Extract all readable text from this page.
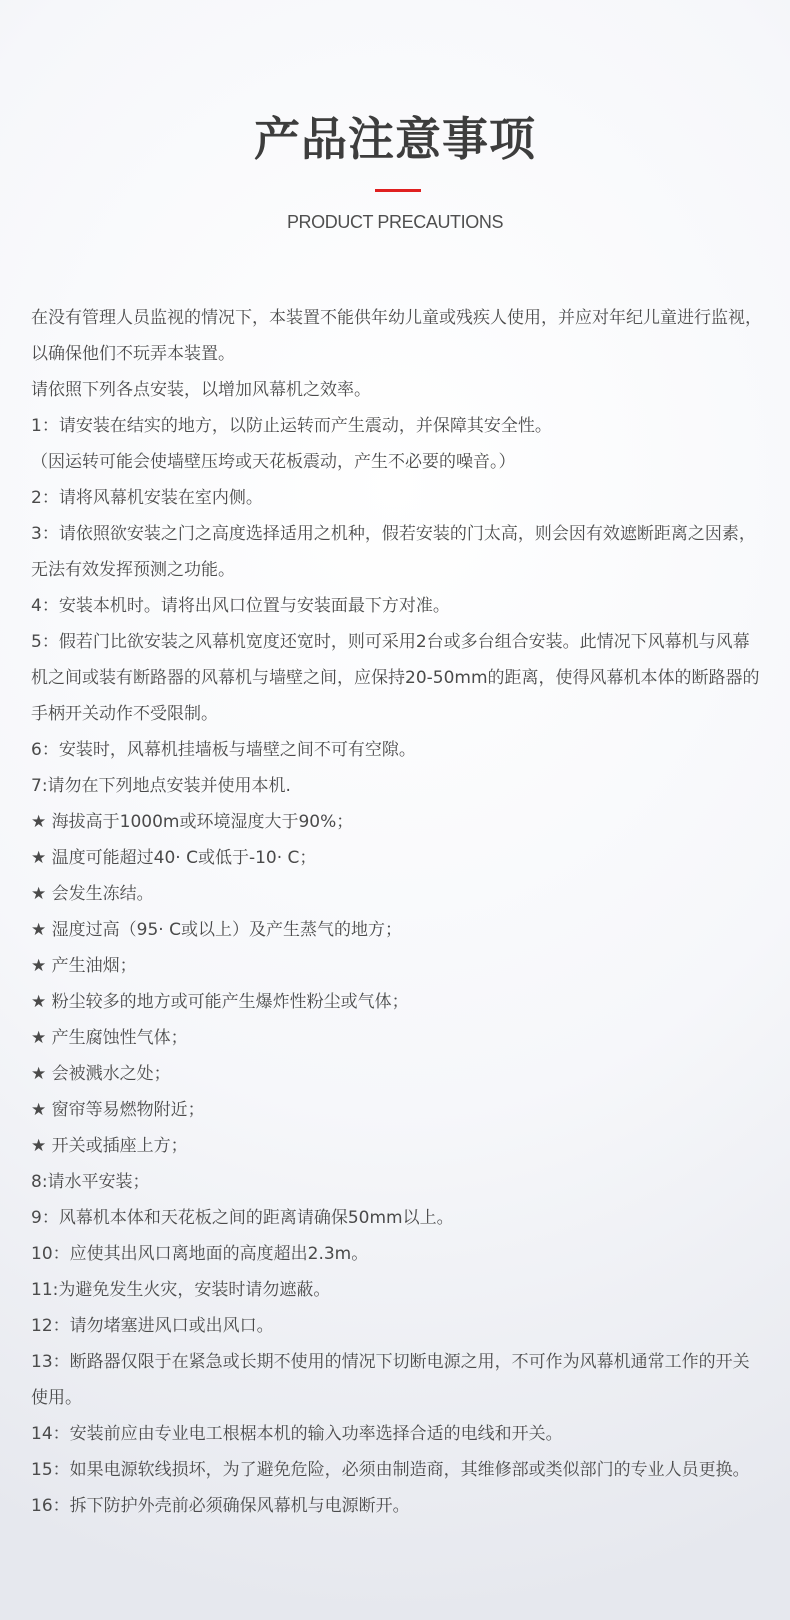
产品注意事项
PRODUCT PRECAUTIONS

在没有管理人员监视的情况下，本装置不能供年幼儿童或残疾人使用，并应对年纪儿童进行监视，以确保他们不玩弄本装置。

请依照下列各点安装，以增加风幕机之效率。

1：请安装在结实的地方，以防止运转而产生震动，并保障其安全性。

（因运转可能会使墙壁压垮或天花板震动，产生不必要的噪音。）

2：请将风幕机安装在室内侧。

3：请依照欲安装之门之高度选择适用之机种，假若安装的门太高，则会因有效遮断距离之因素，无法有效发挥预测之功能。

4：安装本机时。请将出风口位置与安装面最下方对准。

5：假若门比欲安装之风幕机宽度还宽时，则可采用2台或多台组合安装。此情况下风幕机与风幕机之间或装有断路器的风幕机与墙壁之间，应保持20-50mm的距离，使得风幕机本体的断路器的手柄开关动作不受限制。

6：安装时，风幕机挂墙板与墙壁之间不可有空隙。

7:请勿在下列地点安装并使用本机.

★ 海拔高于1000m或环境湿度大于90%；

★ 温度可能超过40· C或低于-10· C；

★ 会发生冻结。

★ 湿度过高（95· C或以上）及产生蒸气的地方；

★ 产生油烟；

★ 粉尘较多的地方或可能产生爆炸性粉尘或气体；

★ 产生腐蚀性气体；

★ 会被溅水之处；

★ 窗帘等易燃物附近；

★ 开关或插座上方；

8:请水平安装；

9：风幕机本体和天花板之间的距离请确保50mm以上。

10：应使其出风口离地面的高度超出2.3m。

11:为避免发生火灾，安装时请勿遮蔽。

12：请勿堵塞进风口或出风口。

13：断路器仅限于在紧急或长期不使用的情况下切断电源之用，不可作为风幕机通常工作的开关使用。

14：安装前应由专业电工根椐本机的输入功率选择合适的电线和开关。

15：如果电源软线损坏，为了避免危险，必须由制造商，其维修部或类似部门的专业人员更换。

16：拆下防护外壳前必须确保风幕机与电源断开。
